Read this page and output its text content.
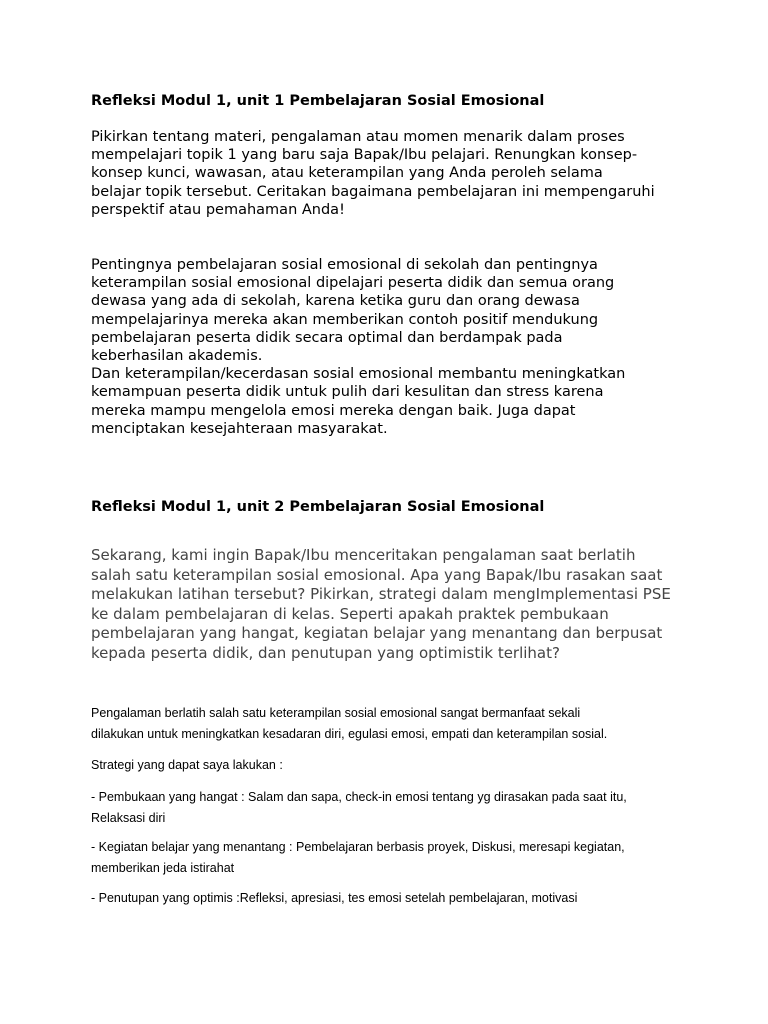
Refleksi Modul 1, unit 1 Pembelajaran Sosial Emosional

Pikirkan tentang materi, pengalaman atau momen menarik dalam proses
mempelajari topik 1 yang baru saja Bapak/Ibu pelajari. Renungkan konsep-
konsep kunci, wawasan, atau keterampilan yang Anda peroleh selama
belajar topik tersebut. Ceritakan bagaimana pembelajaran ini mempengaruhi
perspektif atau pemahaman Anda!

Pentingnya pembelajaran sosial emosional di sekolah dan pentingnya
keterampilan sosial emosional dipelajari peserta didik dan semua orang
dewasa yang ada di sekolah, karena ketika guru dan orang dewasa
mempelajarinya mereka akan memberikan contoh positif mendukung
pembelajaran peserta didik secara optimal dan berdampak pada
keberhasilan akademis.
Dan keterampilan/kecerdasan sosial emosional membantu meningkatkan
kemampuan peserta didik untuk pulih dari kesulitan dan stress karena
mereka mampu mengelola emosi mereka dengan baik. Juga dapat
menciptakan kesejahteraan masyarakat.

Refleksi Modul 1, unit 2 Pembelajaran Sosial Emosional

Sekarang, kami ingin Bapak/Ibu menceritakan pengalaman saat berlatih
salah satu keterampilan sosial emosional. Apa yang Bapak/Ibu rasakan saat
melakukan latihan tersebut? Pikirkan, strategi dalam mengImplementasi PSE
ke dalam pembelajaran di kelas. Seperti apakah praktek pembukaan
pembelajaran yang hangat, kegiatan belajar yang menantang dan berpusat
kepada peserta didik, dan penutupan yang optimistik terlihat?

Pengalaman berlatih salah satu keterampilan sosial emosional sangat bermanfaat sekali
dilakukan untuk meningkatkan kesadaran diri, egulasi emosi, empati dan keterampilan sosial.

Strategi yang dapat saya lakukan :

- Pembukaan yang hangat : Salam dan sapa, check-in emosi tentang yg dirasakan pada saat itu,
Relaksasi diri

- Kegiatan belajar yang menantang : Pembelajaran berbasis proyek, Diskusi, meresapi kegiatan,
memberikan jeda istirahat

- Penutupan yang optimis :Refleksi, apresiasi, tes emosi setelah pembelajaran, motivasi
